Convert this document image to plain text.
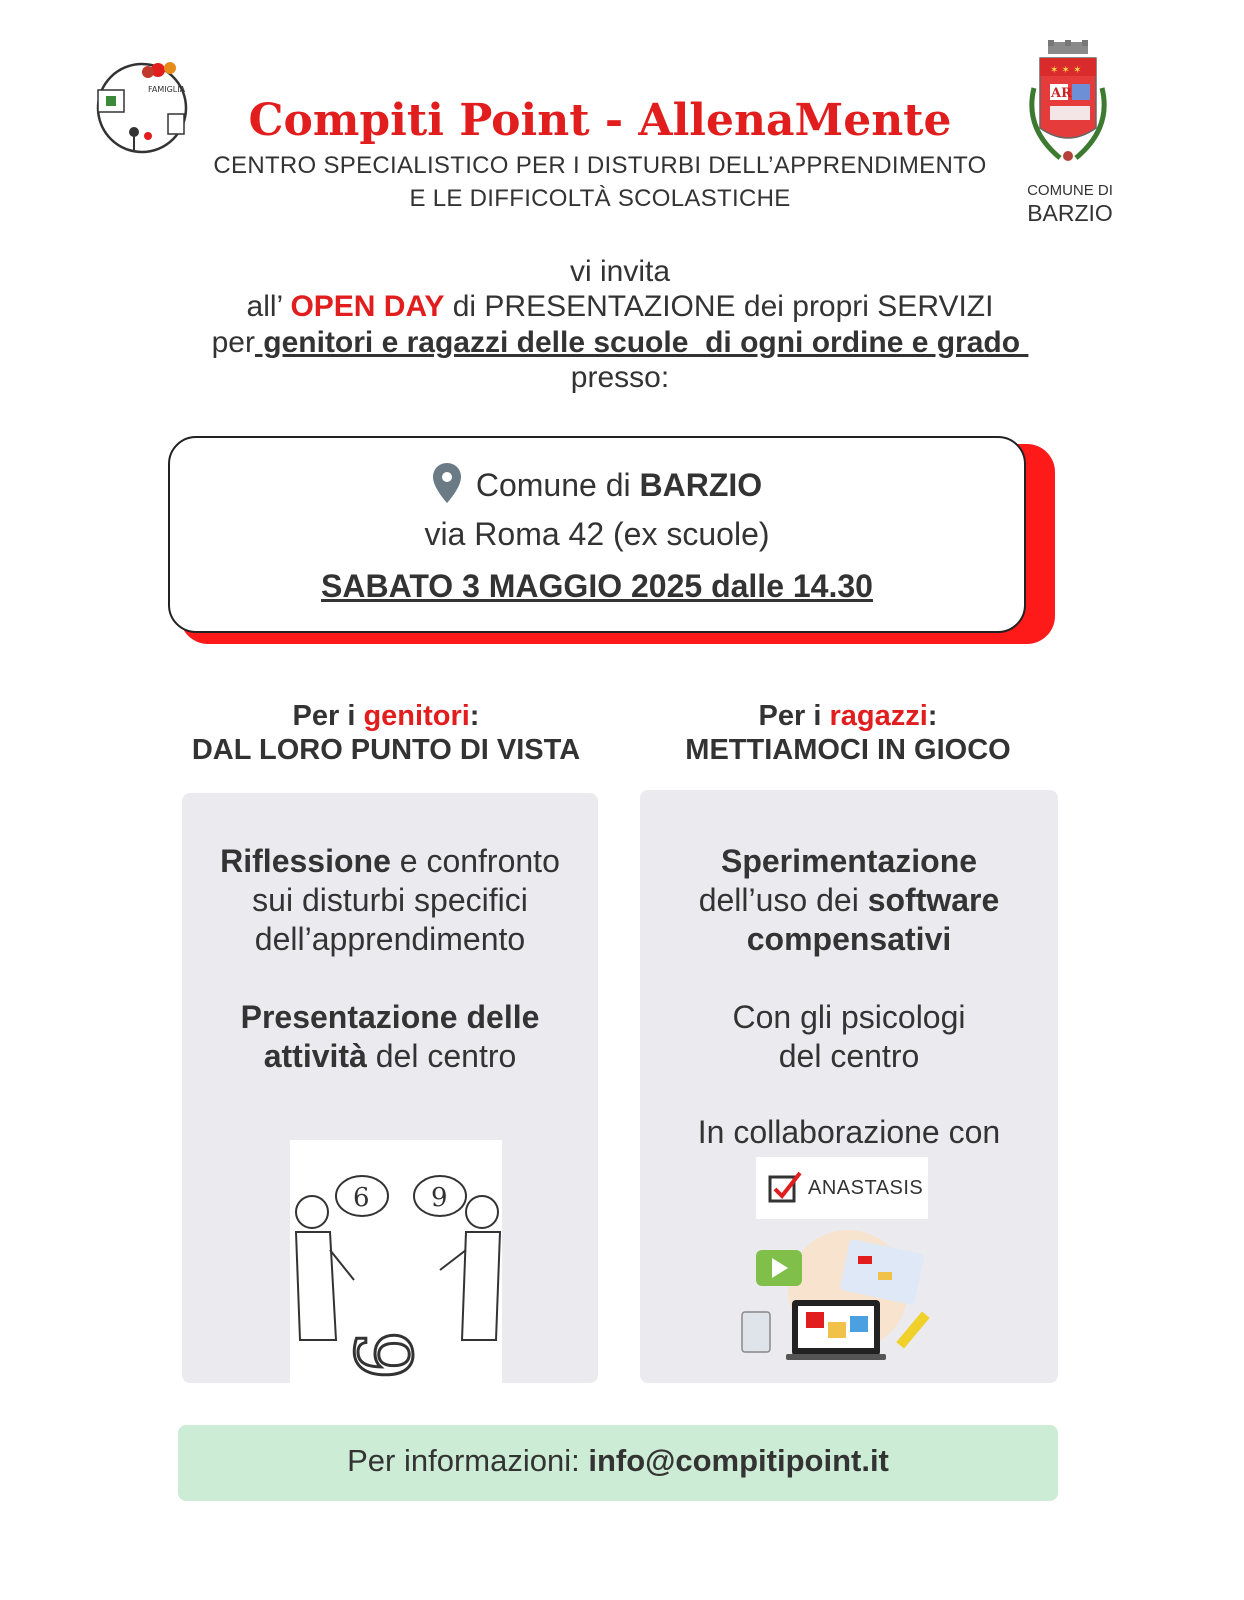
FAMIGLIA
Compiti Point - AllenaMente
CENTRO SPECIALISTICO PER I DISTURBI DELL’APPRENDIMENTO
E LE DIFFICOLTÀ SCOLASTICHE
✶ ✶ ✶
AR
COMUNE DI
BARZIO
vi invita
all’ OPEN DAY di PRESENTAZIONE dei propri SERVIZI
per genitori e ragazzi delle scuole  di ogni ordine e grado
presso:
Comune di BARZIO
via Roma 42 (ex scuole)
SABATO 3 MAGGIO 2025 dalle 14.30
Per i genitori:
DAL LORO PUNTO DI VISTA
Per i ragazzi:
METTIAMOCI IN GIOCO
Riflessione e confronto
sui disturbi specifici
dell’apprendimento
Presentazione delle
attività del centro
6 9
6
Sperimentazione
dell’uso dei software
compensativi
Con gli psicologi
del centro
In collaborazione con
ANASTASIS
Per informazioni: info@compitipoint.it
